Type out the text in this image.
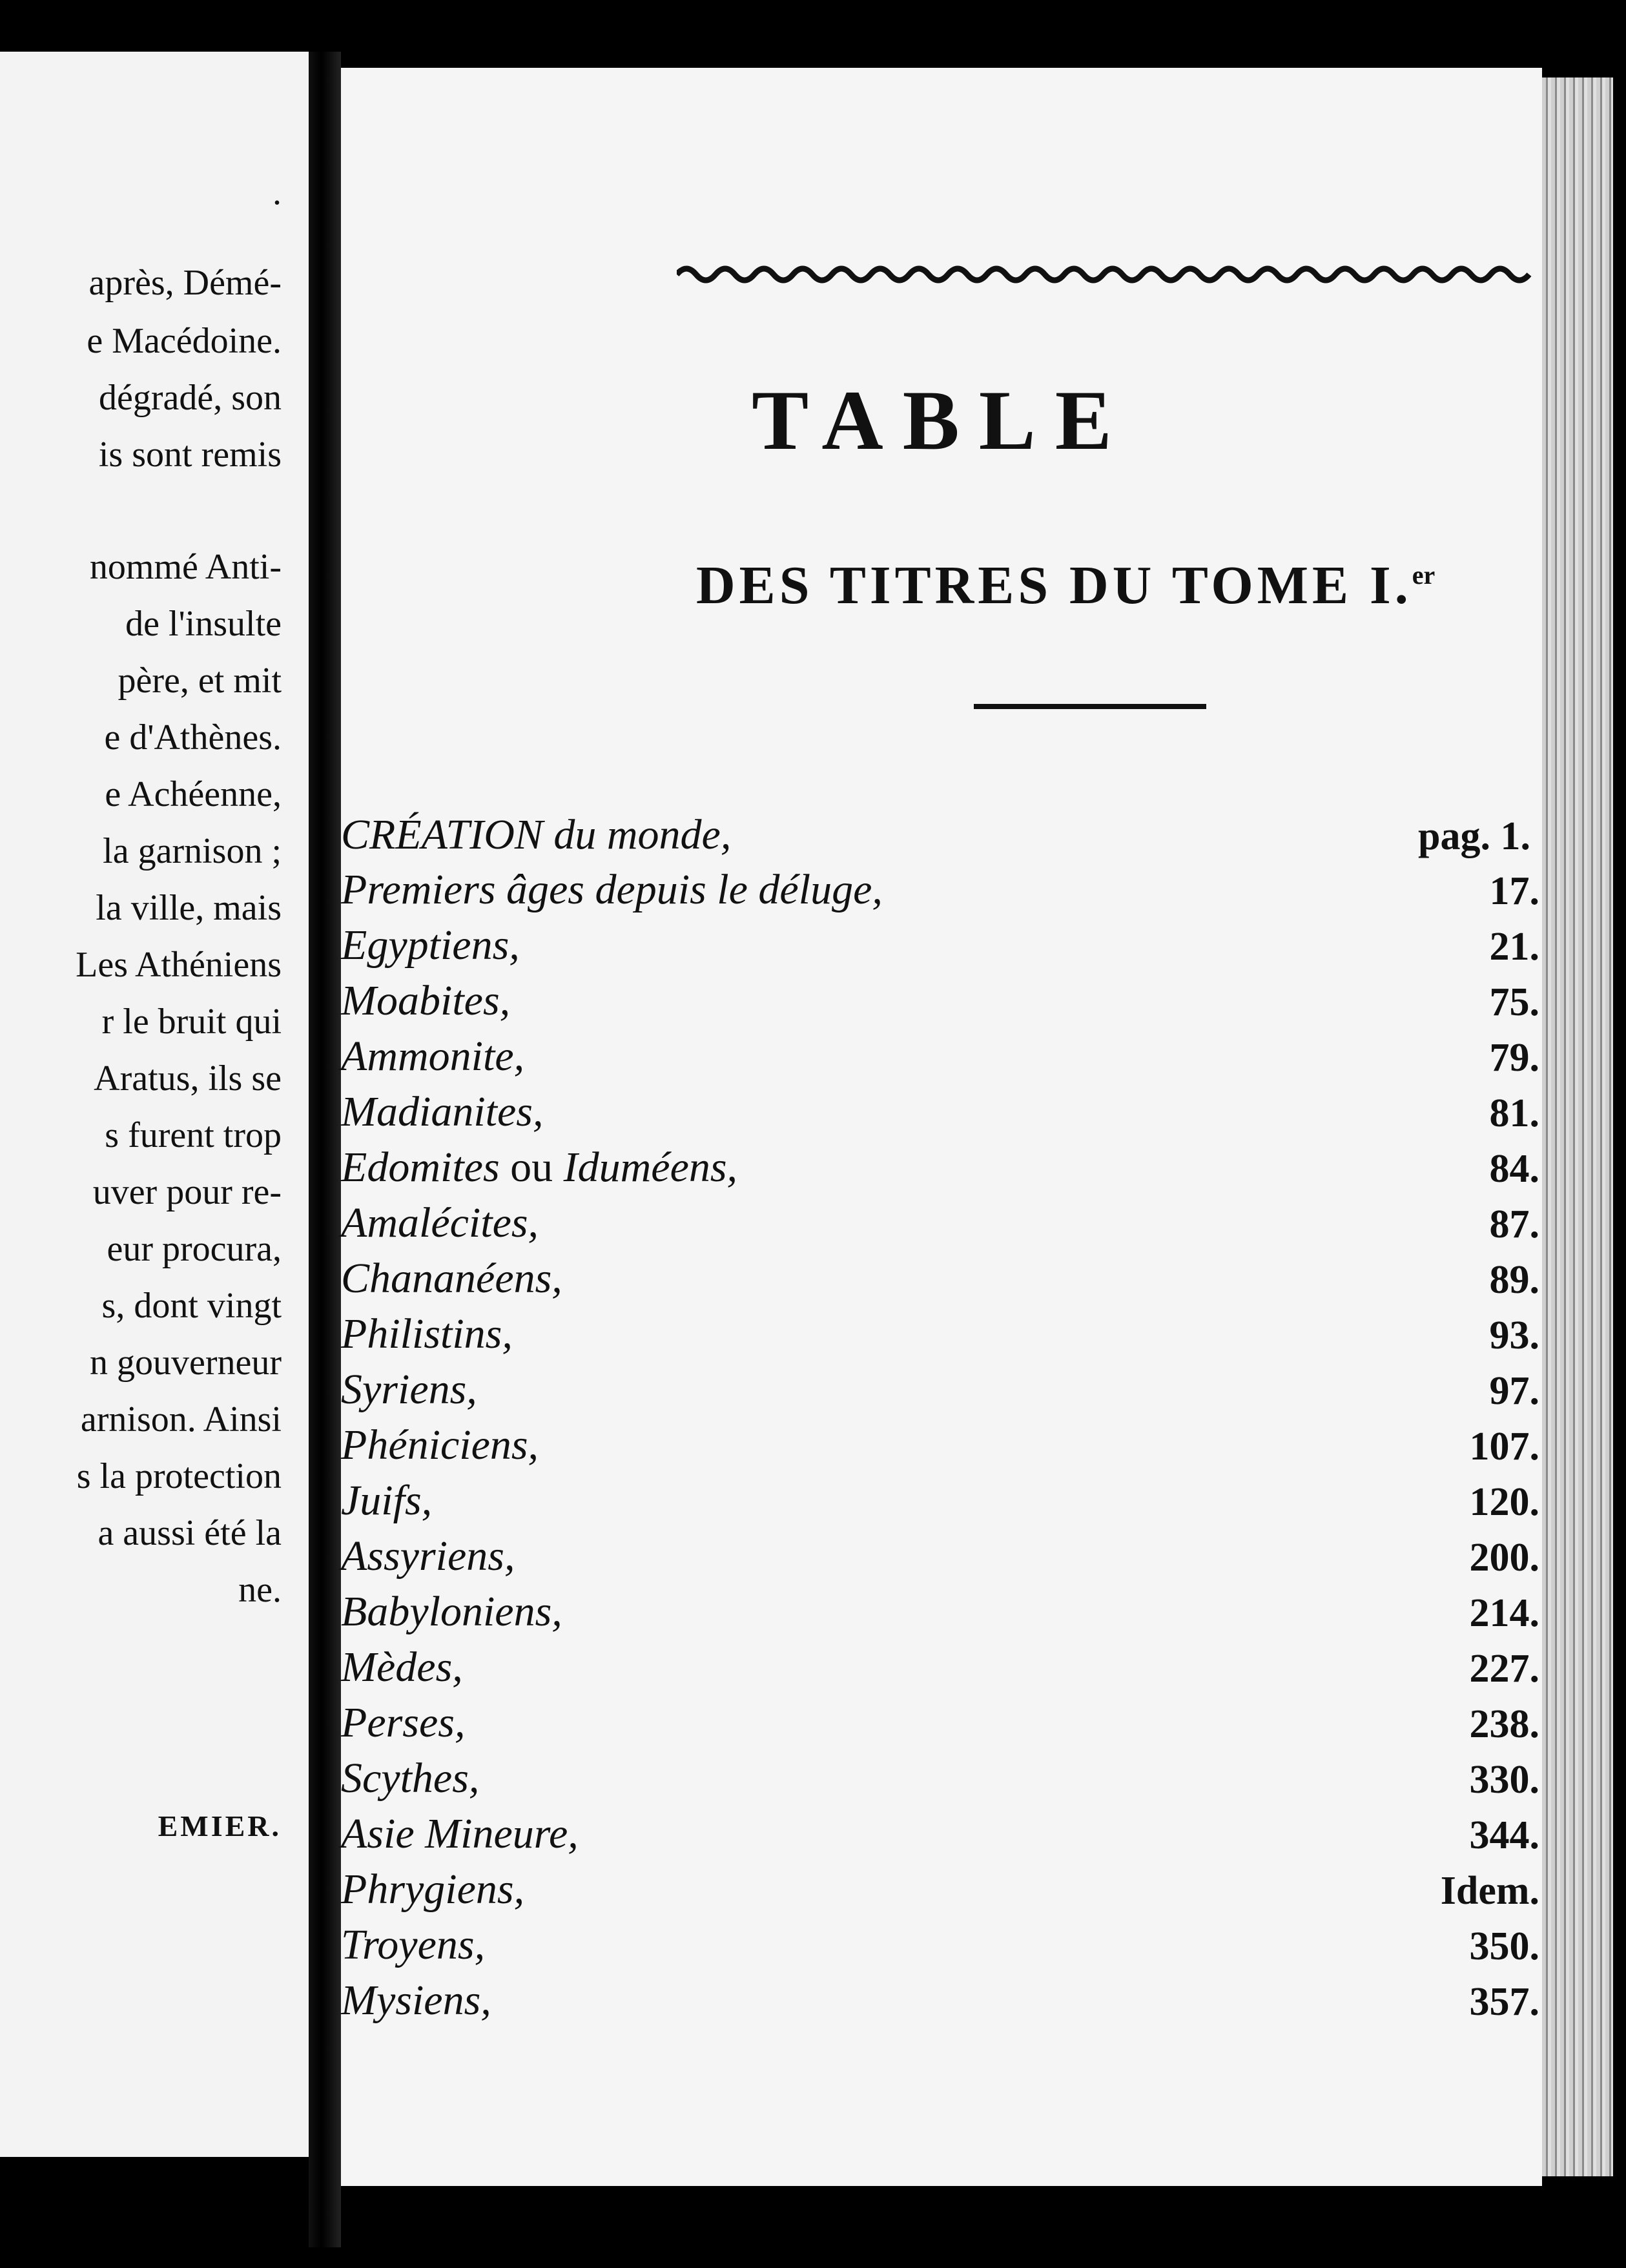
.
après, Démé-
e Macédoine.
dégradé, son
is sont remis
nommé Anti-
de l'insulte
père, et mit
e d'Athènes.
e Achéenne,
la garnison ;
la ville, mais
Les Athéniens
r le bruit qui
Aratus, ils se
s furent trop
uver pour re-
eur procura,
s, dont vingt
n gouverneur
arnison. Ainsi
s la protection
a aussi été la
ne.
EMIER.
TABLE
DES TITRES DU TOME I.$^{er}$
CRÉATION du monde,	pag. 1.
Premiers âges depuis le déluge,	17.
Egyptiens,	21.
Moabites,	75.
Ammonite,	79.
Madianites,	81.
Edomites ou Iduméens,	84.
Amalécites,	87.
Chananéens,	89.
Philistins,	93.
Syriens,	97.
Phéniciens,	107.
Juifs,	120.
Assyriens,	200.
Babyloniens,	214.
Mèdes,	227.
Perses,	238.
Scythes,	330.
Asie Mineure,	344.
Phrygiens,	Idem.
Troyens,	350.
Mysiens,	357.
